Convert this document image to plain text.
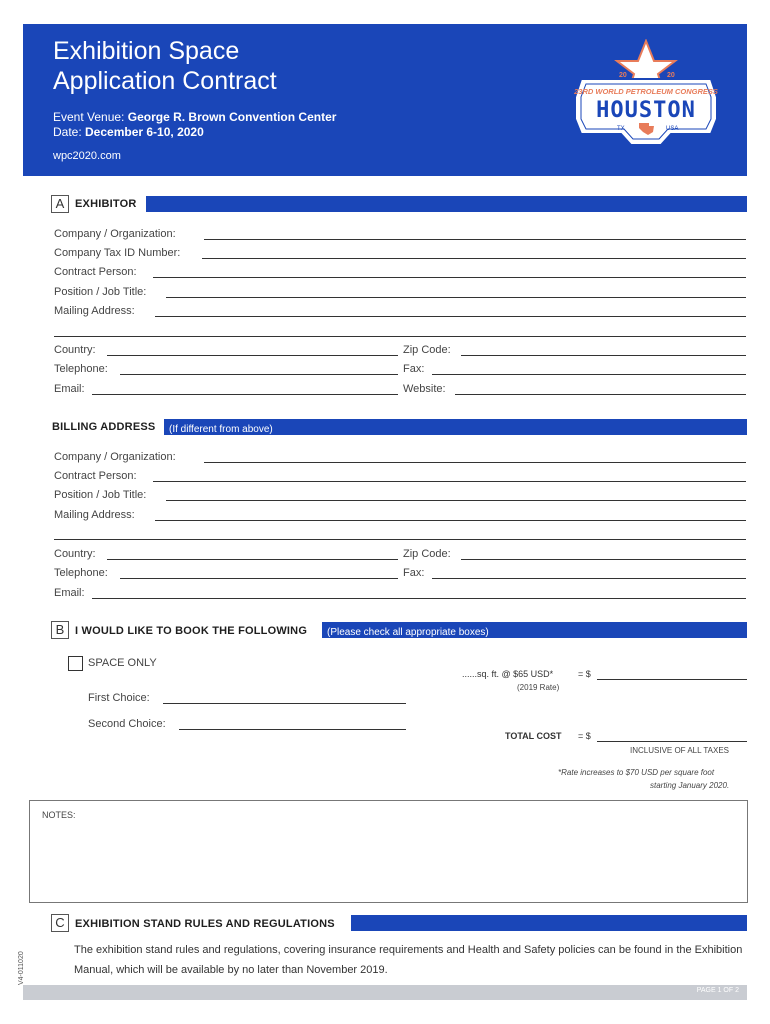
Exhibition Space
Application Contract
Event Venue: George R. Brown Convention Center
Date: December 6-10, 2020
wpc2020.com
20	20
23RD WORLD PETROLEUM CONGRESS
HOUSTON
TX	USA
A EXHIBITOR
Company / Organization:
Company Tax ID Number:
Contract Person:
Position / Job Title:
Mailing Address:
Country:	Zip Code:
Telephone:	Fax:
Email:	Website:
BILLING ADDRESS	(If different from above)
Company / Organization:
Contract Person:
Position / Job Title:
Mailing Address:
Country:	Zip Code:
Telephone:	Fax:
Email:
B I WOULD LIKE TO BOOK THE FOLLOWING	(Please check all appropriate boxes)
SPACE ONLY
......sq. ft. @ $65 USD*	= $
(2019 Rate)
First Choice:
Second Choice:
TOTAL COST = $
INCLUSIVE OF ALL TAXES
*Rate increases to $70 USD per square foot
starting January 2020.
NOTES:
C EXHIBITION STAND RULES AND REGULATIONS
The exhibition stand rules and regulations, covering insurance requirements and Health and Safety policies can be found in the Exhibition Manual, which will be available by no later than November 2019.
V4-011020
PAGE 1 OF 2
